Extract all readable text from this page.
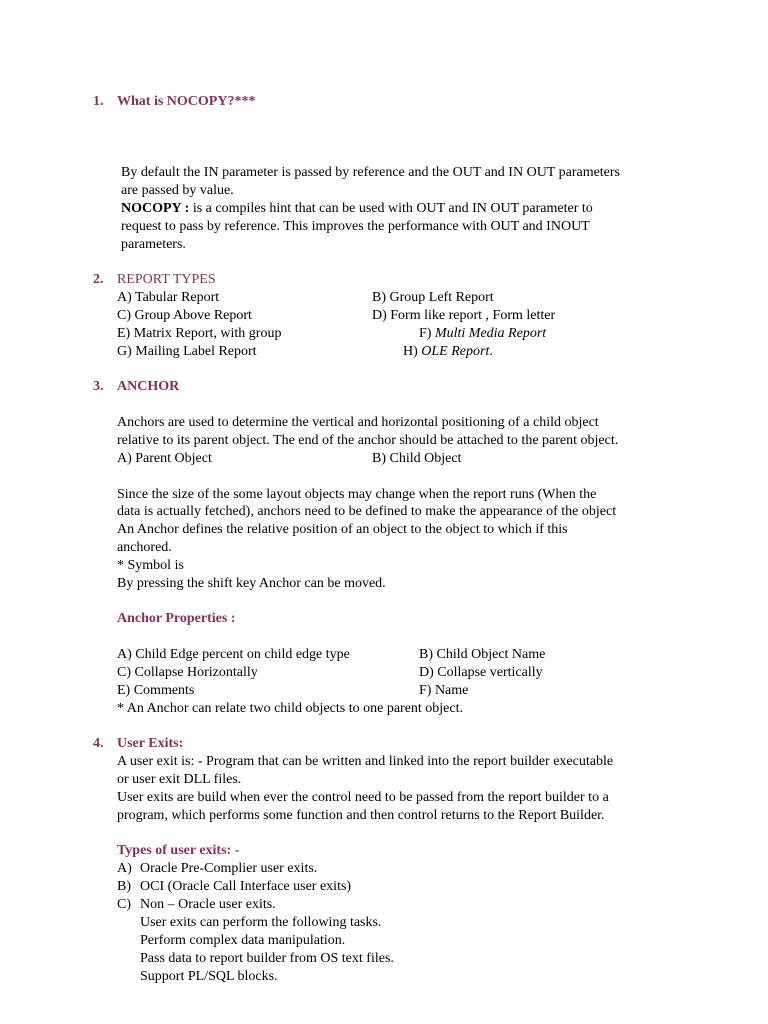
1. What is NOCOPY?***
By default the IN parameter is passed by reference and the OUT and IN OUT parameters
are passed by value.
NOCOPY : is a compiles hint that can be used with OUT and IN OUT parameter to
request to pass by reference. This improves the performance with OUT and INOUT
parameters.
2. REPORT TYPES
A) Tabular Report	B) Group Left Report
C) Group Above Report	D) Form like report , Form letter
E) Matrix Report, with group	F) Multi Media Report
G) Mailing Label Report	H) OLE Report.
3. ANCHOR
Anchors are used to determine the vertical and horizontal positioning of a child object
relative to its parent object. The end of the anchor should be attached to the parent object.
A) Parent Object	B) Child Object
Since the size of the some layout objects may change when the report runs (When the
data is actually fetched), anchors need to be defined to make the appearance of the object
An Anchor defines the relative position of an object to the object to which if this
anchored.
* Symbol is
By pressing the shift key Anchor can be moved.
Anchor Properties :
A) Child Edge percent on child edge type	B) Child Object Name
C) Collapse Horizontally	D) Collapse vertically
E) Comments	F) Name
* An Anchor can relate two child objects to one parent object.
4. User Exits:
A user exit is: - Program that can be written and linked into the report builder executable
or user exit DLL files.
User exits are build when ever the control need to be passed from the report builder to a
program, which performs some function and then control returns to the Report Builder.
Types of user exits: -
A) Oracle Pre-Complier user exits.
B) OCI (Oracle Call Interface user exits)
C) Non – Oracle user exits.
User exits can perform the following tasks.
Perform complex data manipulation.
Pass data to report builder from OS text files.
Support PL/SQL blocks.
